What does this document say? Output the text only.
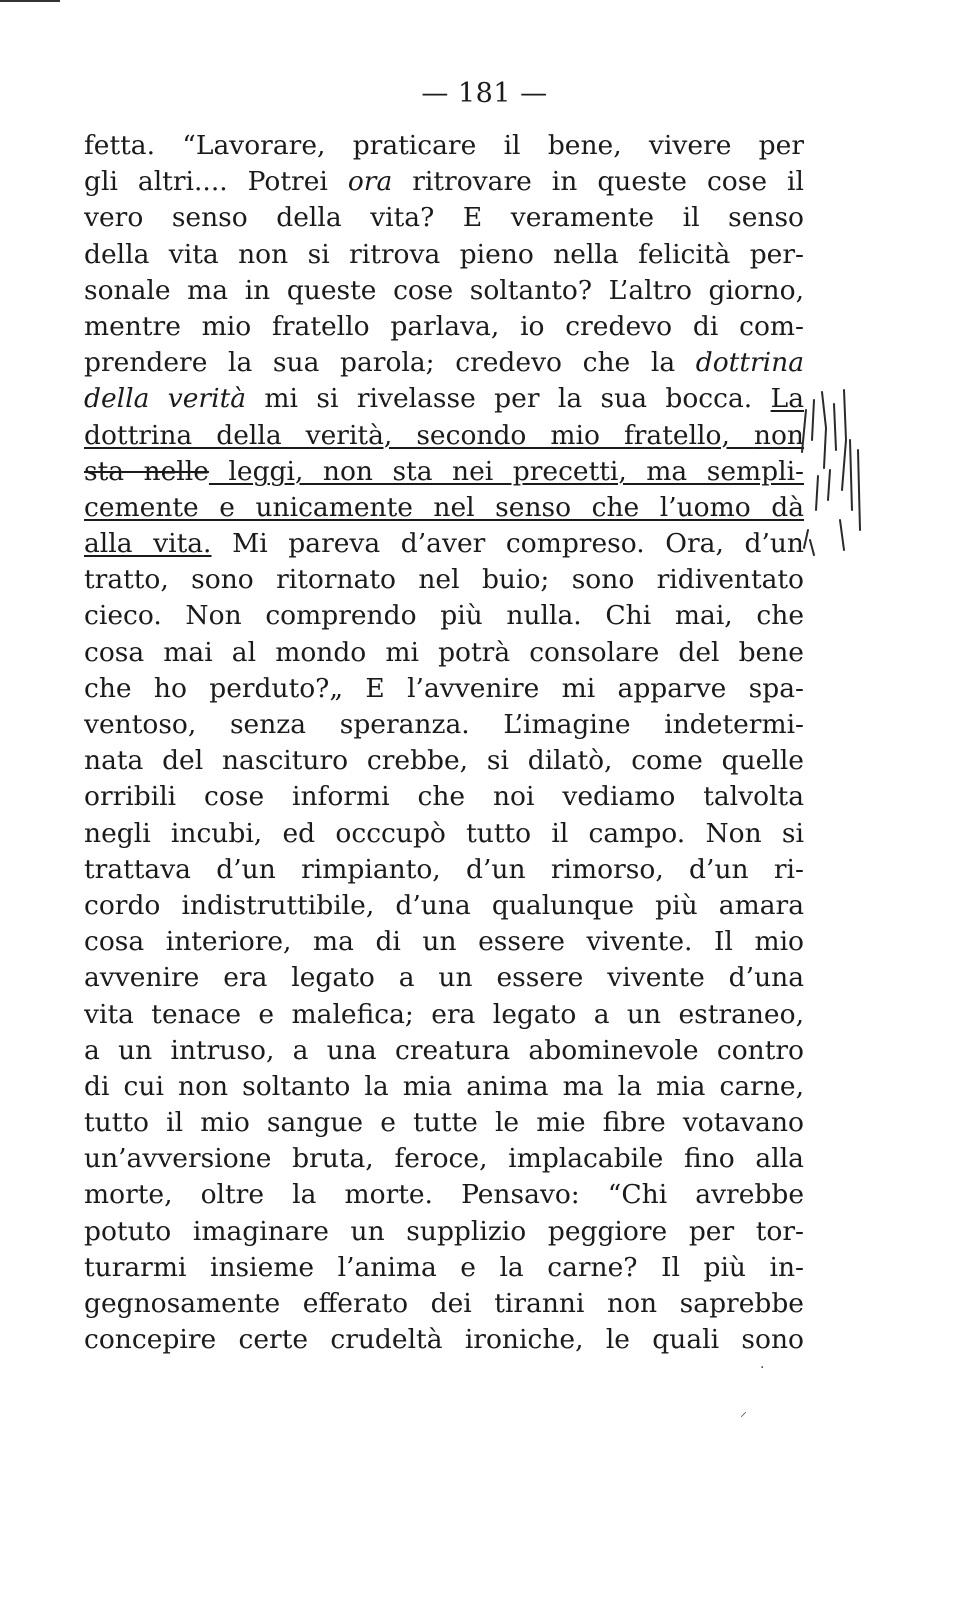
— 181 —
fetta. “Lavorare, praticare il bene, vivere per
gli altri.... Potrei ora ritrovare in queste cose il
vero senso della vita? E veramente il senso
della vita non si ritrova pieno nella felicità per-
sonale ma in queste cose soltanto? L’altro giorno,
mentre mio fratello parlava, io credevo di com-
prendere la sua parola; credevo che la dottrina
della verità mi si rivelasse per la sua bocca. La
dottrina della verità, secondo mio fratello, non
sta nelle leggi, non sta nei precetti, ma sempli-
cemente e unicamente nel senso che l’uomo dà
alla vita. Mi pareva d’aver compreso. Ora, d’un
tratto, sono ritornato nel buio; sono ridiventato
cieco. Non comprendo più nulla. Chi mai, che
cosa mai al mondo mi potrà consolare del bene
che ho perduto?„ E l’avvenire mi apparve spa-
ventoso, senza speranza. L’imagine indetermi-
nata del nascituro crebbe, si dilatò, come quelle
orribili cose informi che noi vediamo talvolta
negli incubi, ed occcupò tutto il campo. Non si
trattava d’un rimpianto, d’un rimorso, d’un ri-
cordo indistruttibile, d’una qualunque più amara
cosa interiore, ma di un essere vivente. Il mio
avvenire era legato a un essere vivente d’una
vita tenace e malefica; era legato a un estraneo,
a un intruso, a una creatura abominevole contro
di cui non soltanto la mia anima ma la mia carne,
tutto il mio sangue e tutte le mie fibre votavano
un’avversione bruta, feroce, implacabile fino alla
morte, oltre la morte. Pensavo: “Chi avrebbe
potuto imaginare un supplizio peggiore per tor-
turarmi insieme l’anima e la carne? Il più in-
gegnosamente efferato dei tiranni non saprebbe
concepire certe crudeltà ironiche, le quali sono
⸝
·
